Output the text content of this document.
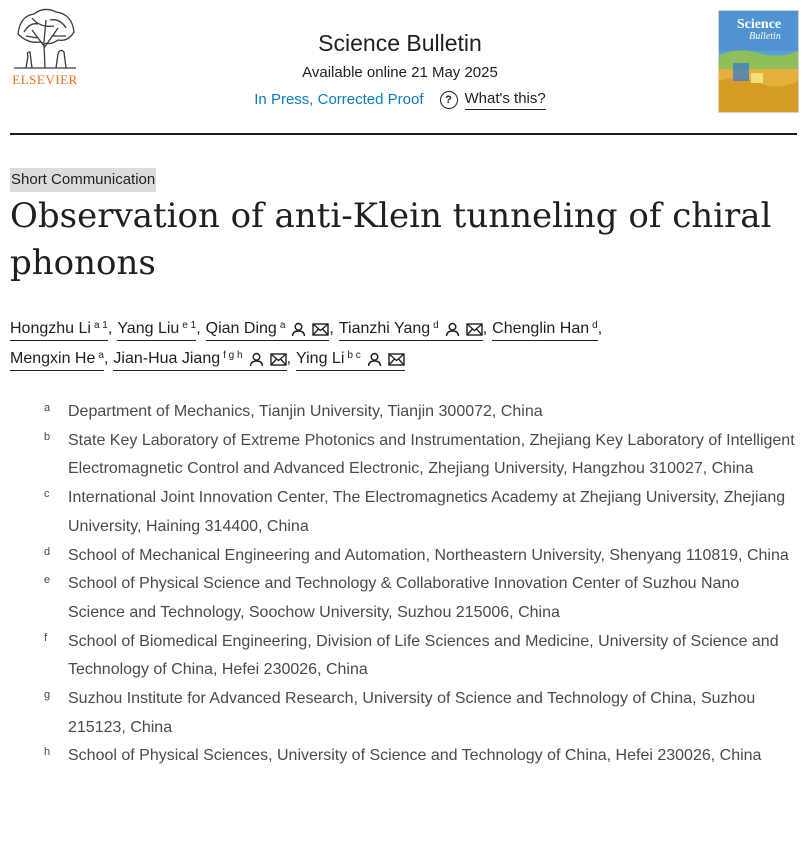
ELSEVIER
Science Bulletin
Available online 21 May 2025
In Press, Corrected Proof	? What's this?
Science
Bulletin
Short Communication
Observation of anti-Klein tunneling of chiral phonons
Hongzhu Li $^{a 1}$ , Yang Liu $^{e 1}$ , Qian Ding $^a$	, Tianzhi Yang $^d$	, Chenglin Han $^d$ ,

Mengxin He $^a$ , Jian-Hua Jiang $^{f g h}$	, Ying Li $^{b c}$
a	Department of Mechanics, Tianjin University, Tianjin 300072, China
b	State Key Laboratory of Extreme Photonics and Instrumentation, Zhejiang Key Laboratory of Intelligent Electromagnetic Control and Advanced Electronic, Zhejiang University, Hangzhou 310027, China
c	International Joint Innovation Center, The Electromagnetics Academy at Zhejiang University, Zhejiang University, Haining 314400, China
d	School of Mechanical Engineering and Automation, Northeastern University, Shenyang 110819, China
e	School of Physical Science and Technology & Collaborative Innovation Center of Suzhou Nano Science and Technology, Soochow University, Suzhou 215006, China
f	School of Biomedical Engineering, Division of Life Sciences and Medicine, University of Science and Technology of China, Hefei 230026, China
g	Suzhou Institute for Advanced Research, University of Science and Technology of China, Suzhou 215123, China
h	School of Physical Sciences, University of Science and Technology of China, Hefei 230026, China
